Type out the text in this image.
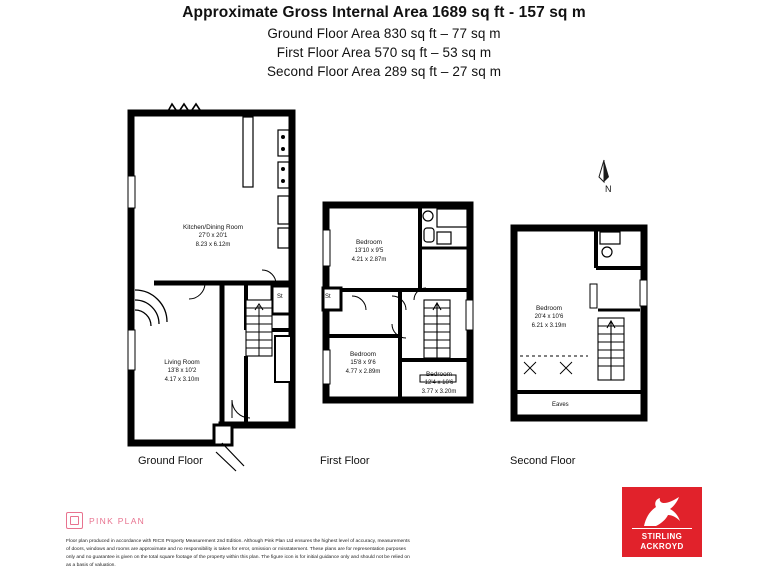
Approximate Gross Internal Area 1689 sq ft - 157 sq m
Ground Floor Area 830 sq ft – 77 sq m
First Floor Area 570 sq ft – 53 sq m
Second Floor Area 289 sq ft – 27 sq m
N
Kitchen/Dining Room
27'0 x 20'1
8.23 x 6.12m
Living Room
13'8 x 10'2
4.17 x 3.10m
St
Bedroom
13'10 x 9'5
4.21 x 2.87m
Bedroom
15'8 x 9'6
4.77 x 2.89m	Bedroom
12'4 x 10'6
3.77 x 3.20m
St
Bedroom
20'4 x 10'6
6.21 x 3.19m
Eaves
Ground Floor	First Floor	Second Floor
PINK PLAN
Floor plan produced in accordance with RICS Property Measurement 2nd Edition. Although Pink Plan Ltd ensures the highest level of accuracy, measurements of doors, windows and rooms are approximate and no responsibility is taken for error, omission or misstatement. These plans are for representation purposes only and no guarantee is given on the total square footage of the property within this plan. The figure icon is for initial guidance only and should not be relied on as a basis of valuation.
STIRLING
ACKROYD
